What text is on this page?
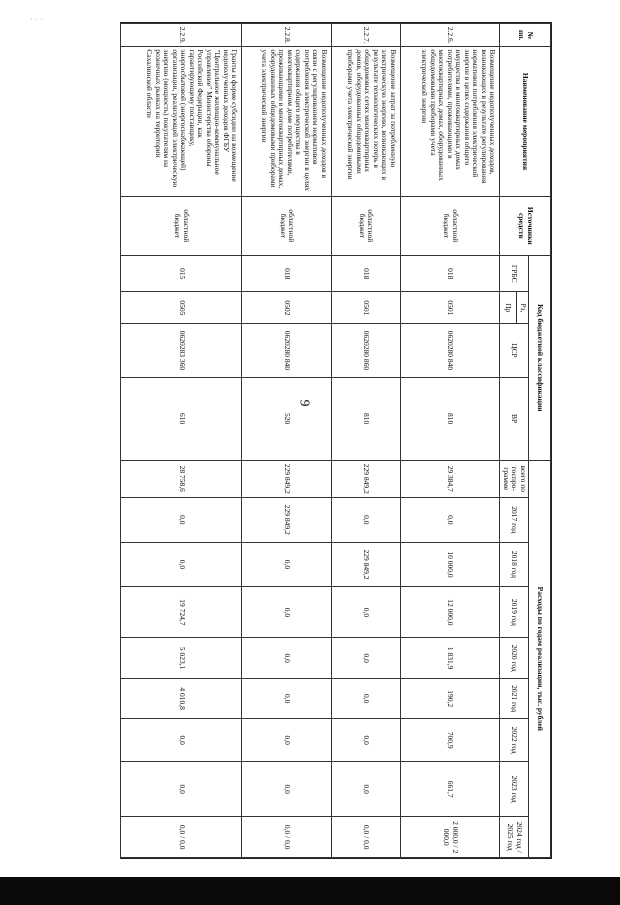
· · ·
9
№ пп.	Наименование мероприятия	Источники средств	Код бюджетной классификации				Расходы по годам реализации, тыс. рублей								
			ГРБС	Рз,	ЦСР	ВР	всего по госпро-грамме	2017 год	2018 год	2019 год	2020 год	2021 год	2022 год	2023 год	2024 год / 2025 год
				Пр											
2.2.6.	Возмещение недополученных доходов, возникающих в результате регулирования нормативов потребления электрической энергии в целях содержания общего имущества в многоквартирных домах потребителями, проживающими в многоквартирных домах, оборудованных общедомовыми приборами учета электрической энергии	областной бюджет	018	0501	0620280 840	810	29 384,7	0,0	10 000,0	12 000,0	1 831,9	190,2	700,9	661,7	2 000,0 / 2 000,0
2.2.7.	Возмещение затрат за потребленную электрическую энергию, возникающих в результате технологических потерь в общедомовых сетях многоквартирных домов, оборудованных общедомовыми приборами учета электрической энергии	областной бюджет	018	0501	0620280 860	810	229 849,2	0,0	229 849,2	0,0	0,0	0,0	0,0	0,0	0,0 / 0,0
2.2.8.	Возмещение недополученных доходов в связи с регулированием нормативов потребления электрической энергии в целях содержания общего имущества в многоквартирном доме потребителями, проживающими в многоквартирных домах, оборудованных общедомовыми приборами учета электрической энергии	областной бюджет	018	0502	0620280 840	520	229 849,2	229 849,2	0,0	0,0	0,0	0,0	0,0	0,0	0,0 / 0,0
2.2.9.	Гранты в форме субсидии на возмещение недополученных доходов ФГБУ "Центральное жилищно-коммунальное управление" Министерства обороны Российской Федерации, как гарантирующему поставщику, энергосбытовой (энергоснабжающей) организации, реализующей электрическую энергию (мощность) покупателям на розничных рынках на территории Сахалинской области	областной бюджет	015	0505	0620283 360	610	28 758,6	0,0	0,0	19 724,7	5 023,1	4 010,8	0,0	0,0	0,0 / 0,0
